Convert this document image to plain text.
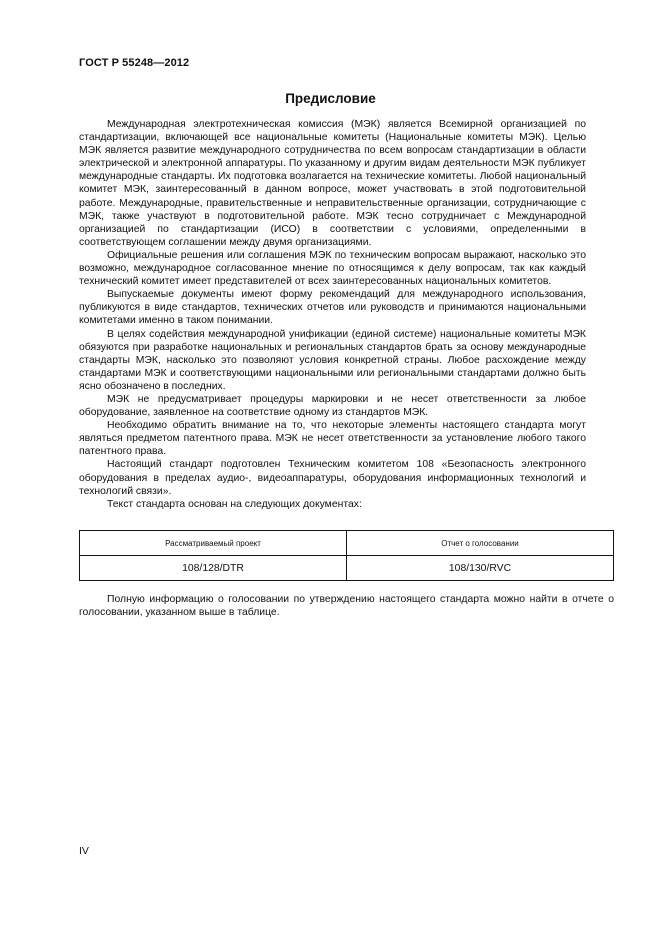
ГОСТ Р 55248—2012
Предисловие

Международная электротехническая комиссия (МЭК) является Всемирной организацией по стандартизации, включающей все национальные комитеты (Национальные комитеты МЭК). Целью МЭК является развитие международного сотрудничества по всем вопросам стандартизации в области электрической и электронной аппаратуры. По указанному и другим видам деятельности МЭК публикует международные стандарты. Их подготовка возлагается на технические комитеты. Любой национальный комитет МЭК, заинтересованный в данном вопросе, может участвовать в этой подготовительной работе. Международные, правительственные и неправительственные организации, сотрудничающие с МЭК, также участвуют в подготовительной работе. МЭК тесно сотрудничает с Международной организацией по стандартизации (ИСО) в соответствии с условиями, определенными в соответствующем соглашении между двумя организациями.

Официальные решения или соглашения МЭК по техническим вопросам выражают, насколько это возможно, международное согласованное мнение по относящимся к делу вопросам, так как каждый технический комитет имеет представителей от всех заинтересованных национальных комитетов.

Выпускаемые документы имеют форму рекомендаций для международного использования, публикуются в виде стандартов, технических отчетов или руководств и принимаются национальными комитетами именно в таком понимании.

В целях содействия международной унификации (единой системе) национальные комитеты МЭК обязуются при разработке национальных и региональных стандартов брать за основу международные стандарты МЭК, насколько это позволяют условия конкретной страны. Любое расхождение между стандартами МЭК и соответствующими национальными или региональными стандартами должно быть ясно обозначено в последних.

МЭК не предусматривает процедуры маркировки и не несет ответственности за любое оборудование, заявленное на соответствие одному из стандартов МЭК.

Необходимо обратить внимание на то, что некоторые элементы настоящего стандарта могут являться предметом патентного права. МЭК не несет ответственности за установление любого такого патентного права.

Настоящий стандарт подготовлен Техническим комитетом 108 «Безопасность электронного оборудования в пределах аудио-, видеоаппаратуры, оборудования информационных технологий и технологий связи».

Текст стандарта основан на следующих документах:

Рассматриваемый проект	Отчет о голосовании
108/128/DTR	108/130/RVC

Полную информацию о голосовании по утверждению настоящего стандарта можно найти в отчете о голосовании, указанном выше в таблице.

IV
